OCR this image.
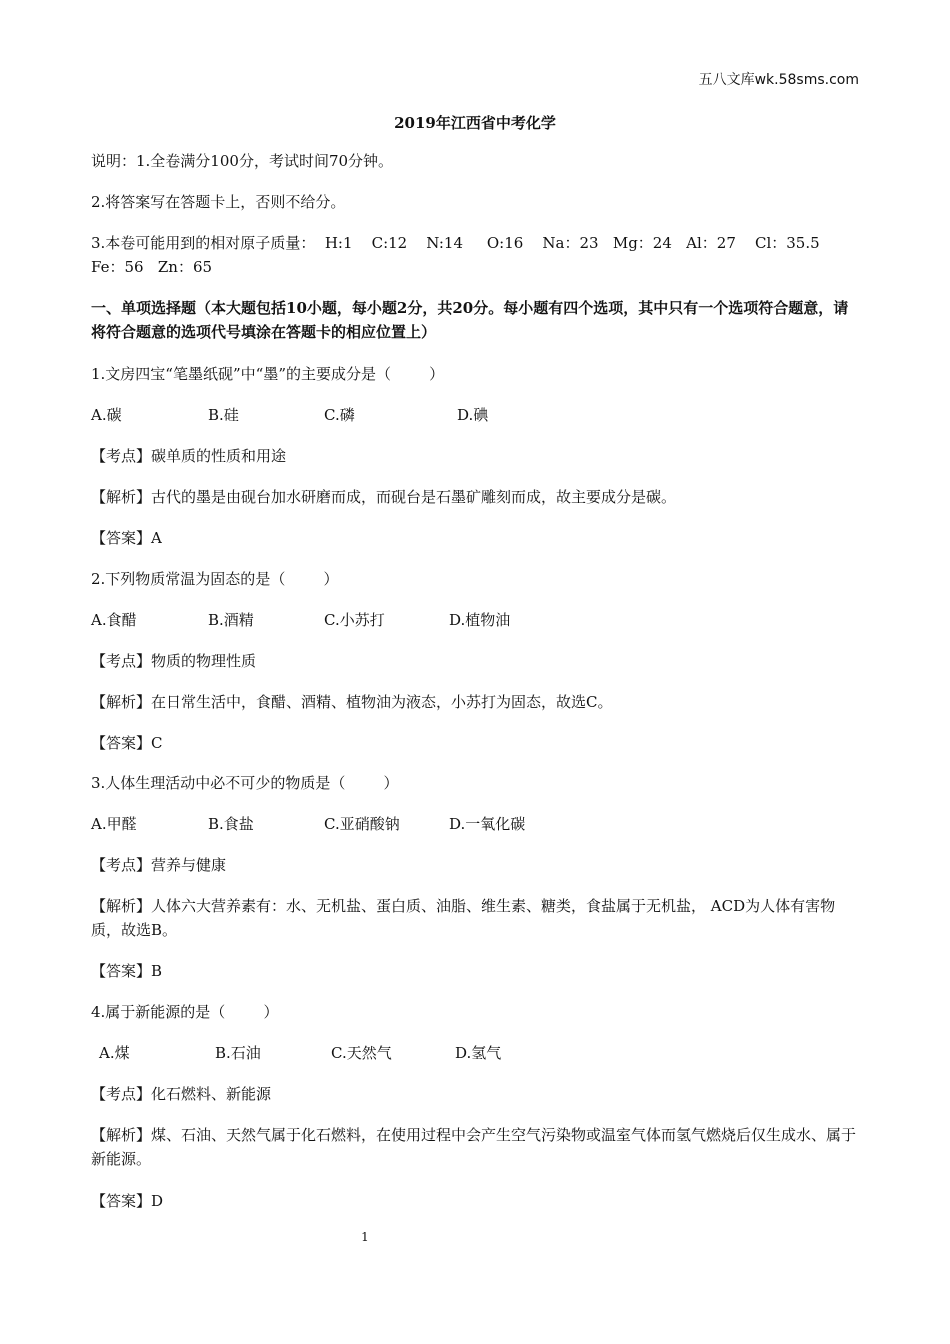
五八文库wk.58sms.com
2019年江西省中考化学
说明：1.全卷满分100分，考试时间70分钟。
2.将答案写在答题卡上，否则不给分。
3.本卷可能用到的相对原子质量：  H:1    C:12    N:14     O:16    Na：23   Mg：24   Al：27    Cl：35.5
Fe：56   Zn：65
一、单项选择题（本大题包括10小题，每小题2分，共20分。每小题有四个选项，其中只有一个选项符合题意，请将符合题意的选项代号填涂在答题卡的相应位置上）
1.文房四宝“笔墨纸砚”中“墨”的主要成分是（        ）
A.碳	B.硅	C.磷	D.碘
【考点】碳单质的性质和用途
【解析】古代的墨是由砚台加水研磨而成，而砚台是石墨矿雕刻而成，故主要成分是碳。
【答案】A
2.下列物质常温为固态的是（        ）
A.食醋	B.酒精	C.小苏打	D.植物油
【考点】物质的物理性质
【解析】在日常生活中，食醋、酒精、植物油为液态，小苏打为固态，故选C。
【答案】C
3.人体生理活动中必不可少的物质是（        ）
A.甲醛	B.食盐	C.亚硝酸钠	D.一氧化碳
【考点】营养与健康
【解析】人体六大营养素有：水、无机盐、蛋白质、油脂、维生素、糖类，食盐属于无机盐， ACD为人体有害物质，故选B。
【答案】B
4.属于新能源的是（        ）
A.煤	B.石油	C.天然气	D.氢气
【考点】化石燃料、新能源
【解析】煤、石油、天然气属于化石燃料，在使用过程中会产生空气污染物或温室气体而氢气燃烧后仅生成水、属于新能源。
【答案】D
1
